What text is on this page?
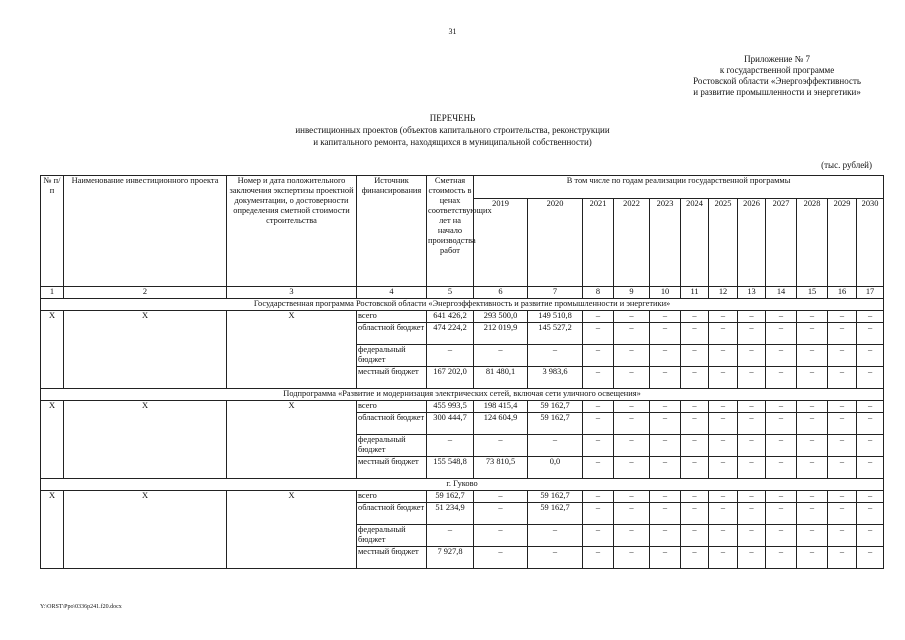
31
Приложение № 7
к государственной программе
Ростовской области «Энергоэффективность
и развитие промышленности и энергетики»
ПЕРЕЧЕНЬ
инвестиционных проектов (объектов капитального строительства, реконструкции
и капитального ремонта, находящихся в муниципальной собственности)
(тыс. рублей)
№ п/п	Наименование инвестиционного проекта	Номер и дата положительного заключения экспертизы проектной документации, о достоверности определения сметной стоимости строительства	Источник финансирования	Сметная стоимость в ценах соответствующих лет на начало производства работ	В том числе по годам реализации государственной программы											
					2019	2020	2021	2022	2023	2024	2025	2026	2027	2028	2029	2030
1	2	3	4	5	6	7	8	9	10	11	12	13	14	15	16	17
Государственная программа Ростовской области «Энергоэффективность и развитие промышленности и энергетики»																
Х	Х	Х	всего	641 426,2	293 500,0	149 510,8	–	–	–	–	–	–	–	–	–	–
			областной бюджет	474 224,2	212 019,9	145 527,2	–	–	–	–	–	–	–	–	–	–
			федеральный бюджет	–	–	–	–	–	–	–	–	–	–	–	–	–
			местный бюджет	167 202,0	81 480,1	3 983,6	–	–	–	–	–	–	–	–	–	–
Подпрограмма «Развитие и модернизация электрических сетей, включая сети уличного освещения»																
Х	Х	Х	всего	455 993,5	198 415,4	59 162,7	–	–	–	–	–	–	–	–	–	–
			областной бюджет	300 444,7	124 604,9	59 162,7	–	–	–	–	–	–	–	–	–	–
			федеральный бюджет	–	–	–	–	–	–	–	–	–	–	–	–	–
			местный бюджет	155 548,8	73 810,5	0,0	–	–	–	–	–	–	–	–	–	–
г. Гуково																
Х	Х	Х	всего	59 162,7	–	59 162,7	–	–	–	–	–	–	–	–	–	–
			областной бюджет	51 234,9	–	59 162,7	–	–	–	–	–	–	–	–	–	–
			федеральный бюджет	–	–	–	–	–	–	–	–	–	–	–	–	–
			местный бюджет	7 927,8	–	–	–	–	–	–	–	–	–	–	–	–
Y:\ORST\Ppo\0336p241.f20.docx
